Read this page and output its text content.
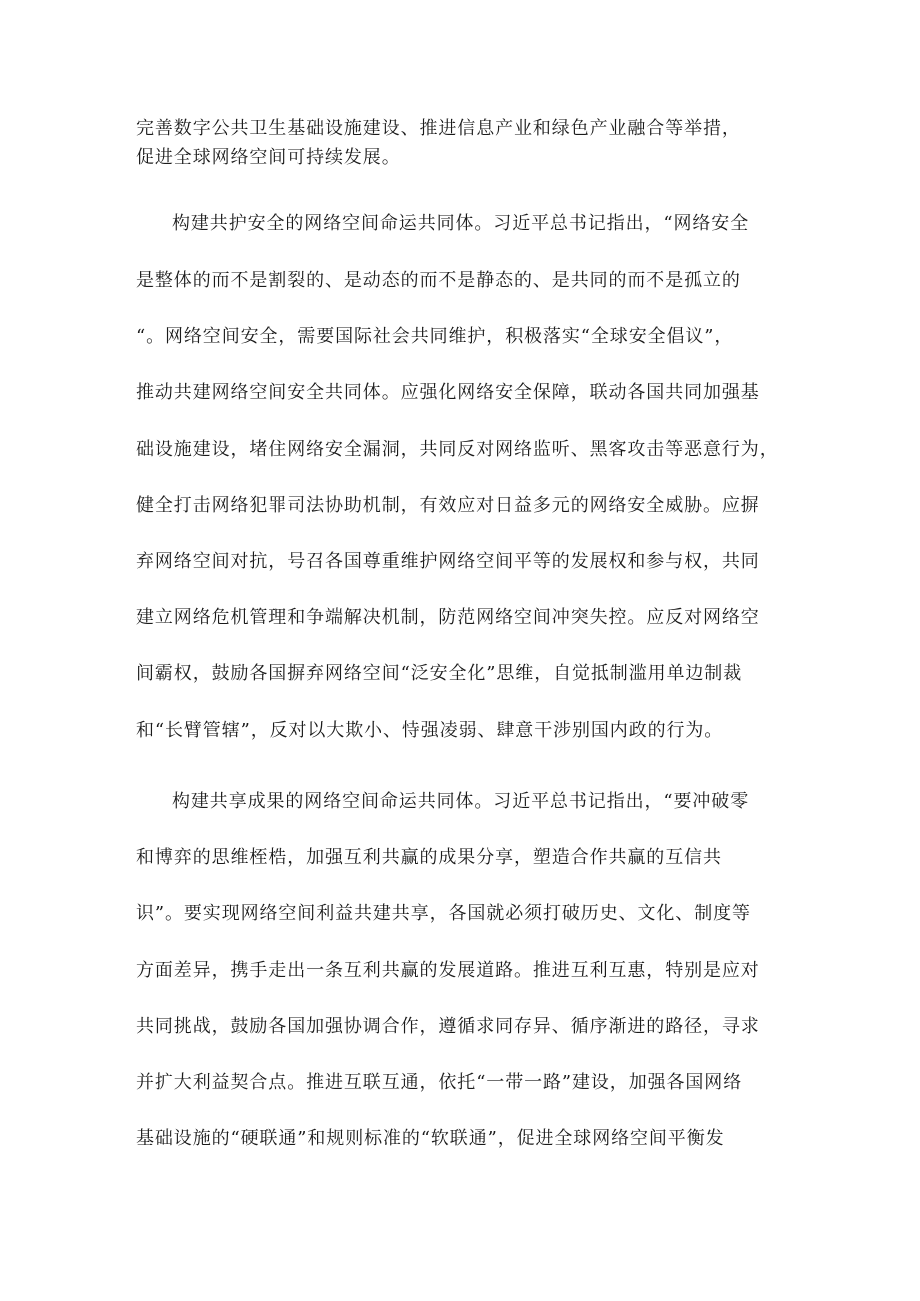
完善数字公共卫生基础设施建设、推进信息产业和绿色产业融合等举措，
促进全球网络空间可持续发展。
构建共护安全的网络空间命运共同体。习近平总书记指出，“网络安全
是整体的而不是割裂的、是动态的而不是静态的、是共同的而不是孤立的
“。网络空间安全，需要国际社会共同维护，积极落实“全球安全倡议”，
推动共建网络空间安全共同体。应强化网络安全保障，联动各国共同加强基
础设施建设，堵住网络安全漏洞，共同反对网络监听、黑客攻击等恶意行为，
健全打击网络犯罪司法协助机制，有效应对日益多元的网络安全威胁。应摒
弃网络空间对抗，号召各国尊重维护网络空间平等的发展权和参与权，共同
建立网络危机管理和争端解决机制，防范网络空间冲突失控。应反对网络空
间霸权，鼓励各国摒弃网络空间“泛安全化”思维，自觉抵制滥用单边制裁
和“长臂管辖”，反对以大欺小、恃强凌弱、肆意干涉别国内政的行为。
构建共享成果的网络空间命运共同体。习近平总书记指出，“要冲破零
和博弈的思维桎梏，加强互利共赢的成果分享，塑造合作共赢的互信共
识”。要实现网络空间利益共建共享，各国就必须打破历史、文化、制度等
方面差异，携手走出一条互利共赢的发展道路。推进互利互惠，特别是应对
共同挑战，鼓励各国加强协调合作，遵循求同存异、循序渐进的路径，寻求
并扩大利益契合点。推进互联互通，依托“一带一路”建设，加强各国网络
基础设施的“硬联通”和规则标准的“软联通”，促进全球网络空间平衡发
